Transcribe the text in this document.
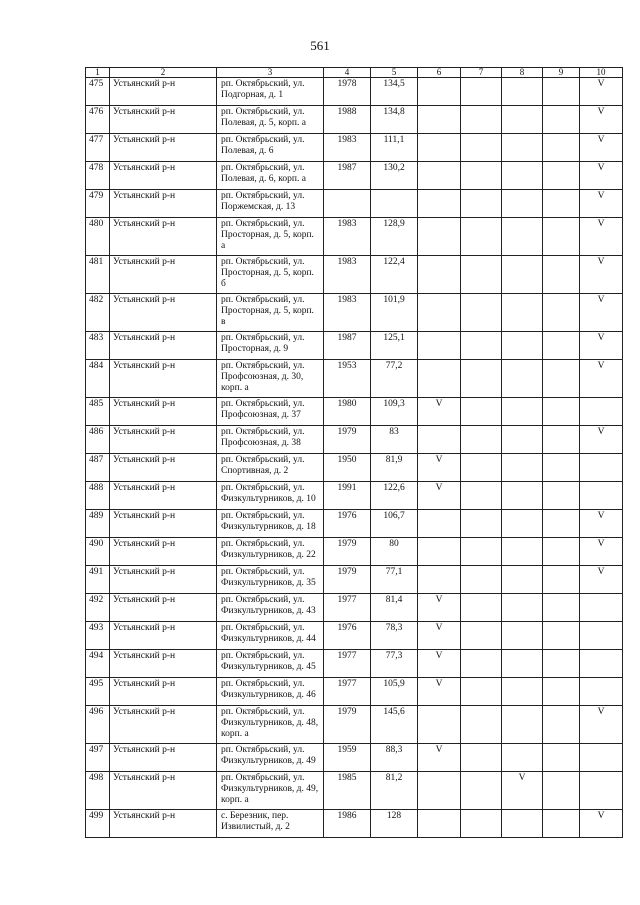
561
1	2	3	4	5	6	7	8	9	10
475	Устьянский р-н	рп. Октябрьский, ул. Подгорная, д. 1	1978	134,5					V
476	Устьянский р-н	рп. Октябрьский, ул. Полевая, д. 5, корп. а	1988	134,8					V
477	Устьянский р-н	рп. Октябрьский, ул. Полевая, д. 6	1983	111,1					V
478	Устьянский р-н	рп. Октябрьский, ул. Полевая, д. 6, корп. а	1987	130,2					V
479	Устьянский р-н	рп. Октябрьский, ул. Поржемская, д. 13							V
480	Устьянский р-н	рп. Октябрьский, ул. Просторная, д. 5, корп. а	1983	128,9					V
481	Устьянский р-н	рп. Октябрьский, ул. Просторная, д. 5, корп. б	1983	122,4					V
482	Устьянский р-н	рп. Октябрьский, ул. Просторная, д. 5, корп. в	1983	101,9					V
483	Устьянский р-н	рп. Октябрьский, ул. Просторная, д. 9	1987	125,1					V
484	Устьянский р-н	рп. Октябрьский, ул. Профсоюзная, д. 30, корп. а	1953	77,2					V
485	Устьянский р-н	рп. Октябрьский, ул. Профсоюзная, д. 37	1980	109,3	V				
486	Устьянский р-н	рп. Октябрьский, ул. Профсоюзная, д. 38	1979	83					V
487	Устьянский р-н	рп. Октябрьский, ул. Спортивная, д. 2	1950	81,9	V				
488	Устьянский р-н	рп. Октябрьский, ул. Физкультурников, д. 10	1991	122,6	V				
489	Устьянский р-н	рп. Октябрьский, ул. Физкультурников, д. 18	1976	106,7					V
490	Устьянский р-н	рп. Октябрьский, ул. Физкультурников, д. 22	1979	80					V
491	Устьянский р-н	рп. Октябрьский, ул. Физкультурников, д. 35	1979	77,1					V
492	Устьянский р-н	рп. Октябрьский, ул. Физкультурников, д. 43	1977	81,4	V				
493	Устьянский р-н	рп. Октябрьский, ул. Физкультурников, д. 44	1976	78,3	V				
494	Устьянский р-н	рп. Октябрьский, ул. Физкультурников, д. 45	1977	77,3	V				
495	Устьянский р-н	рп. Октябрьский, ул. Физкультурников, д. 46	1977	105,9	V				
496	Устьянский р-н	рп. Октябрьский, ул. Физкультурников, д. 48, корп. а	1979	145,6					V
497	Устьянский р-н	рп. Октябрьский, ул. Физкультурников, д. 49	1959	88,3	V				
498	Устьянский р-н	рп. Октябрьский, ул. Физкультурников, д. 49, корп. а	1985	81,2			V		
499	Устьянский р-н	с. Березник, пер. Извилистый, д. 2	1986	128					V
